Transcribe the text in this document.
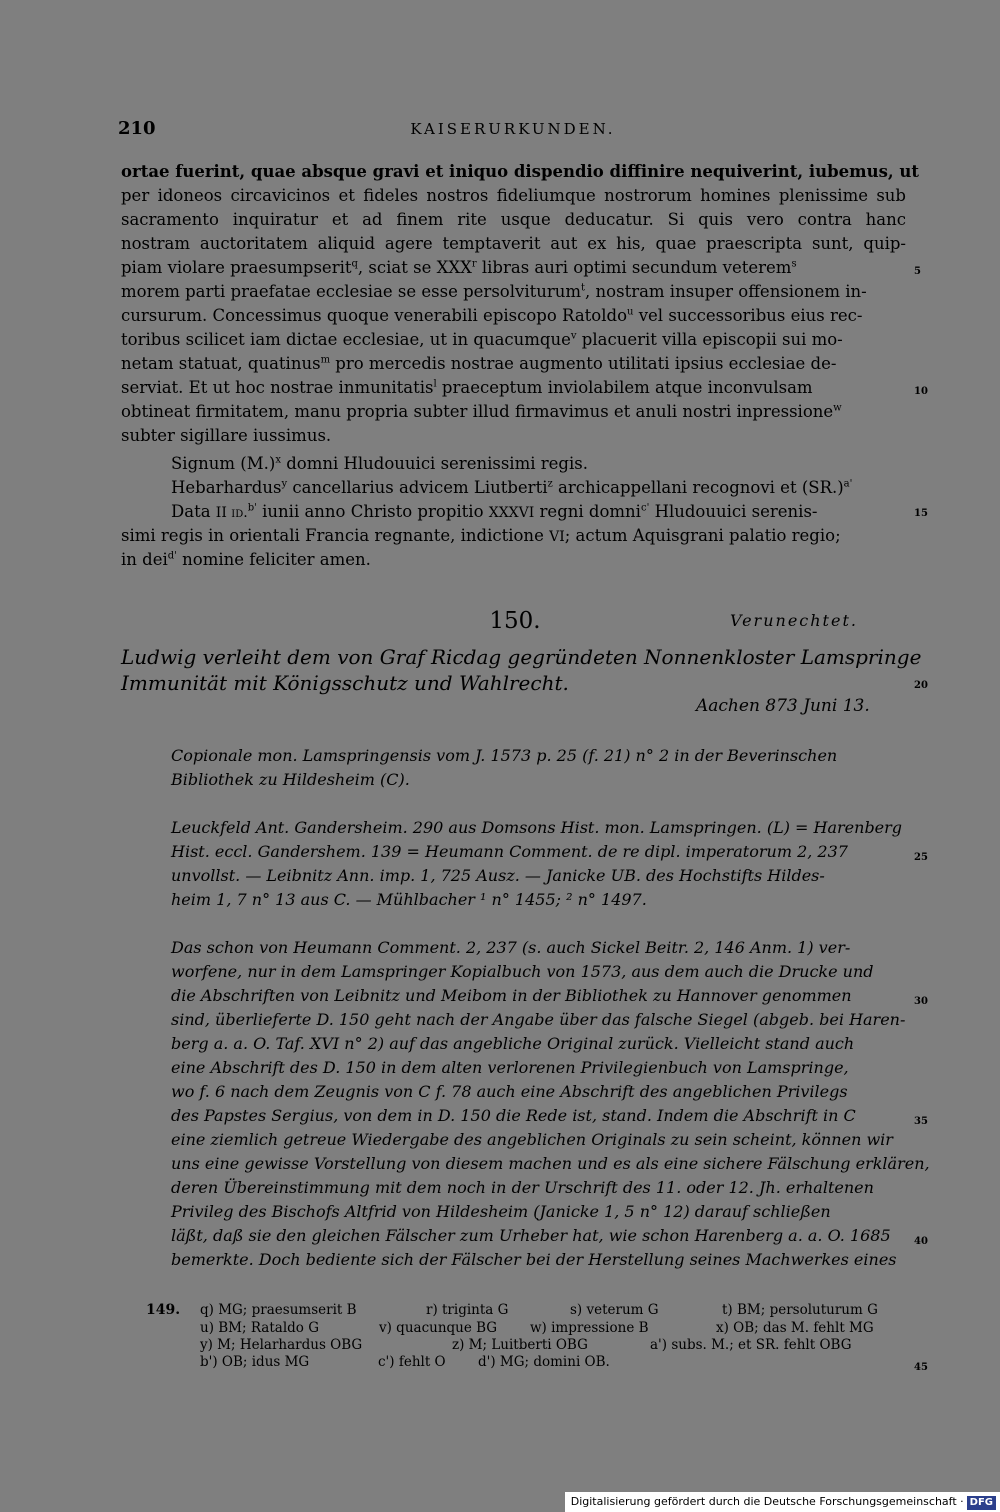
210	KAISERURKUNDEN.
ortae fuerint, quae absque gravi et iniquo dispendio diffinire nequiverint, iubemus, ut
per idoneos circavicinos et fideles nostros fideliumque nostrorum homines plenissime sub
sacramento inquiratur et ad finem rite usque deducatur. Si quis vero contra hanc
nostram auctoritatem aliquid agere temptaverit aut ex his, quae praescripta sunt, quip-
piam violare praesumpserit$^q$, sciat se XXX$^r$ libras auri optimi secundum veterem$^s$
morem parti praefatae ecclesiae se esse persolviturum$^t$, nostram insuper offensionem in-
cursurum. Concessimus quoque venerabili episcopo Ratoldo$^u$ vel successoribus eius rec-
toribus scilicet iam dictae ecclesiae, ut in quacumque$^v$ placuerit villa episcopii sui mo-
netam statuat, quatinus$^m$ pro mercedis nostrae augmento utilitati ipsius ecclesiae de-
serviat. Et ut hoc nostrae inmunitatis$^l$ praeceptum inviolabilem atque inconvulsam
obtineat firmitatem, manu propria subter illud firmavimus et anuli nostri inpressione$^w$
subter sigillare iussimus.
Signum $(M.)^x$ domni Hludouuici serenissimi regis.
Hebarhardus$^y$ cancellarius advicem Liutberti$^z$ archicappellani recognovi et $(SR.)^{a'}$
Data II id.$^{b'}$ iunii anno Christo propitio XXXVI regni domni$^{c'}$ Hludouuici serenis-
simi regis in orientali Francia regnante, indictione VI; actum Aquisgrani palatio regio;
in dei$^{d'}$ nomine feliciter amen.
5
10
15
20
25
30
35
40
45
150.	Verunechtet.
Ludwig verleiht dem von Graf Ricdag gegründeten Nonnenkloster Lamspringe
Immunität mit Königsschutz und Wahlrecht.
Aachen 873 Juni 13.
Copionale mon. Lamspringensis vom J. 1573 p. 25 (f. 21) n° 2 in der Beverinschen
Bibliothek zu Hildesheim (C).
Leuckfeld Ant. Gandersheim. 290 aus Domsons Hist. mon. Lamspringen. (L) = Harenberg
Hist. eccl. Gandershem. 139 = Heumann Comment. de re dipl. imperatorum 2, 237
unvollst. — Leibnitz Ann. imp. 1, 725 Ausz. — Janicke UB. des Hochstifts Hildes-
heim 1, 7 n° 13 aus C. — Mühlbacher ¹ n° 1455; ² n° 1497.
Das schon von Heumann Comment. 2, 237 (s. auch Sickel Beitr. 2, 146 Anm. 1) ver-
worfene, nur in dem Lamspringer Kopialbuch von 1573, aus dem auch die Drucke und
die Abschriften von Leibnitz und Meibom in der Bibliothek zu Hannover genommen
sind, überlieferte D. 150 geht nach der Angabe über das falsche Siegel (abgeb. bei Haren-
berg a. a. O. Taf. XVI n° 2) auf das angebliche Original zurück. Vielleicht stand auch
eine Abschrift des D. 150 in dem alten verlorenen Privilegienbuch von Lamspringe,
wo f. 6 nach dem Zeugnis von C f. 78 auch eine Abschrift des angeblichen Privilegs
des Papstes Sergius, von dem in D. 150 die Rede ist, stand. Indem die Abschrift in C
eine ziemlich getreue Wiedergabe des angeblichen Originals zu sein scheint, können wir
uns eine gewisse Vorstellung von diesem machen und es als eine sichere Fälschung erklären,
deren Übereinstimmung mit dem noch in der Urschrift des 11. oder 12. Jh. erhaltenen
Privileg des Bischofs Altfrid von Hildesheim (Janicke 1, 5 n° 12) darauf schließen
läßt, daß sie den gleichen Fälscher zum Urheber hat, wie schon Harenberg a. a. O. 1685
bemerkte. Doch bediente sich der Fälscher bei der Herstellung seines Machwerkes eines
149. q) MG; praesumserit B	r) triginta G	s) veterum G	t) BM; persoluturum G
u) BM; Rataldo G	v) quacunque BG w) impressione B	x) OB; das M. fehlt MG
y) M; Helarhardus OBG	z) M; Luitberti OBG	a') subs. M.; et SR. fehlt OBG
b') OB; idus MG	c') fehlt O d') MG; domini OB.
Digitalisierung gefördert durch die Deutsche Forschungsgemeinschaft · DFG
